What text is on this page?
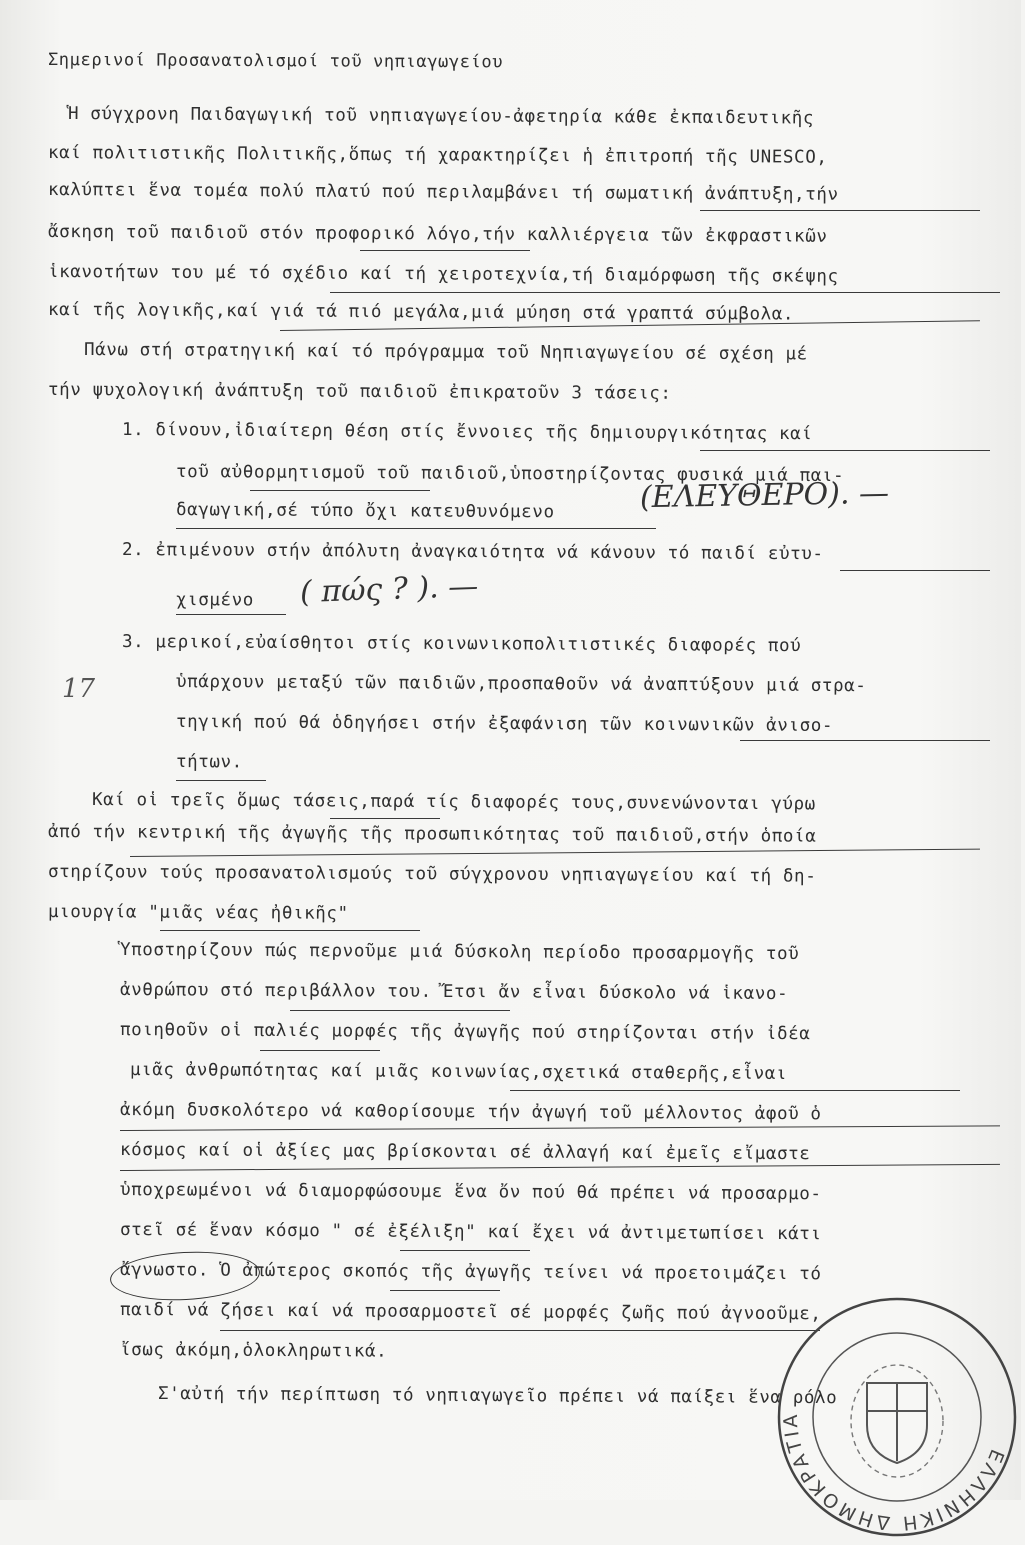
Σημερινοί Προσανατολισμοί τοῦ νηπιαγωγείου
Ἡ σύγχρονη Παιδαγωγική τοῦ νηπιαγωγείου-ἀφετηρία κάθε ἐκπαιδευτικῆς
καί πολιτιστικῆς Πολιτικῆς,ὅπως τή χαρακτηρίζει ἡ ἐπιτροπή τῆς UNESCO,
καλύπτει ἕνα τομέα πολύ πλατύ πού περιλαμβάνει τή σωματική ἀνάπτυξη,τήν
ἄσκηση τοῦ παιδιοῦ στόν προφορικό λόγο,τήν καλλιέργεια τῶν ἐκφραστικῶν
ἱκανοτήτων του μέ τό σχέδιο καί τή χειροτεχνία,τή διαμόρφωση τῆς σκέψης
καί τῆς λογικῆς,καί γιά τά πιό μεγάλα,μιά μύηση στά γραπτά σύμβολα.
Πάνω στή στρατηγική καί τό πρόγραμμα τοῦ Νηπιαγωγείου σέ σχέση μέ
τήν ψυχολογική ἀνάπτυξη τοῦ παιδιοῦ ἐπικρατοῦν 3 τάσεις:
1. δίνουν,ἰδιαίτερη θέση στίς ἔννοιες τῆς δημιουργικότητας καί
τοῦ αὐθορμητισμοῦ τοῦ παιδιοῦ,ὑποστηρίζοντας φυσικά μιά παι-
δαγωγική,σέ τύπο ὄχι κατευθυνόμενο	(ΕΛΕΥΘΕΡΟ). —
2. ἐπιμένουν στήν ἀπόλυτη ἀναγκαιότητα νά κάνουν τό παιδί εὐτυ-
χισμένο ( πώς ? ). —
3. μερικοί,εὐαίσθητοι στίς κοινωνικοπολιτιστικές διαφορές πού
ὑπάρχουν μεταξύ τῶν παιδιῶν,προσπαθοῦν νά ἀναπτύξουν μιά στρα-
τηγική πού θά ὁδηγήσει στήν ἐξαφάνιση τῶν κοινωνικῶν ἀνισο-
τήτων.
17
Καί οἱ τρεῖς ὅμως τάσεις,παρά τίς διαφορές τους,συνενώνονται γύρω
ἀπό τήν κεντρική τῆς ἀγωγῆς τῆς προσωπικότητας τοῦ παιδιοῦ,στήν ὁποία
στηρίζουν τούς προσανατολισμούς τοῦ σύγχρονου νηπιαγωγείου καί τή δη-
μιουργία "μιᾶς νέας ἠθικῆς"
Ὑποστηρίζουν πώς περνοῦμε μιά δύσκολη περίοδο προσαρμογῆς τοῦ
ἀνθρώπου στό περιβάλλον του. Ἔτσι ἄν εἶναι δύσκολο νά ἱκανο-
ποιηθοῦν οἱ παλιές μορφές τῆς ἀγωγῆς πού στηρίζονται στήν ἰδέα
μιᾶς ἀνθρωπότητας καί μιᾶς κοινωνίας,σχετικά σταθερῆς,εἶναι
ἀκόμη δυσκολότερο νά καθορίσουμε τήν ἀγωγή τοῦ μέλλοντος ἀφοῦ ὁ
κόσμος καί οἱ ἀξίες μας βρίσκονται σέ ἀλλαγή καί ἐμεῖς εἴμαστε
ὑποχρεωμένοι νά διαμορφώσουμε ἕνα ὄν πού θά πρέπει νά προσαρμο-
στεῖ σέ ἕναν κόσμο " σέ ἐξέλιξη" καί ἔχει νά ἀντιμετωπίσει κάτι
ἄγνωστο. Ὁ ἀπώτερος σκοπός τῆς ἀγωγῆς τείνει νά προετοιμάζει τό
παιδί νά ζήσει καί νά προσαρμοστεῖ σέ μορφές ζωῆς πού ἀγνοοῦμε,
ἴσως ἀκόμη,ὁλοκληρωτικά.
Σ'αὐτή τήν περίπτωση τό νηπιαγωγεῖο πρέπει νά παίξει ἕνα ρόλο
ΕΛΛΗΝΙΚΗ ΔΗΜΟΚΡΑΤΙΑ
